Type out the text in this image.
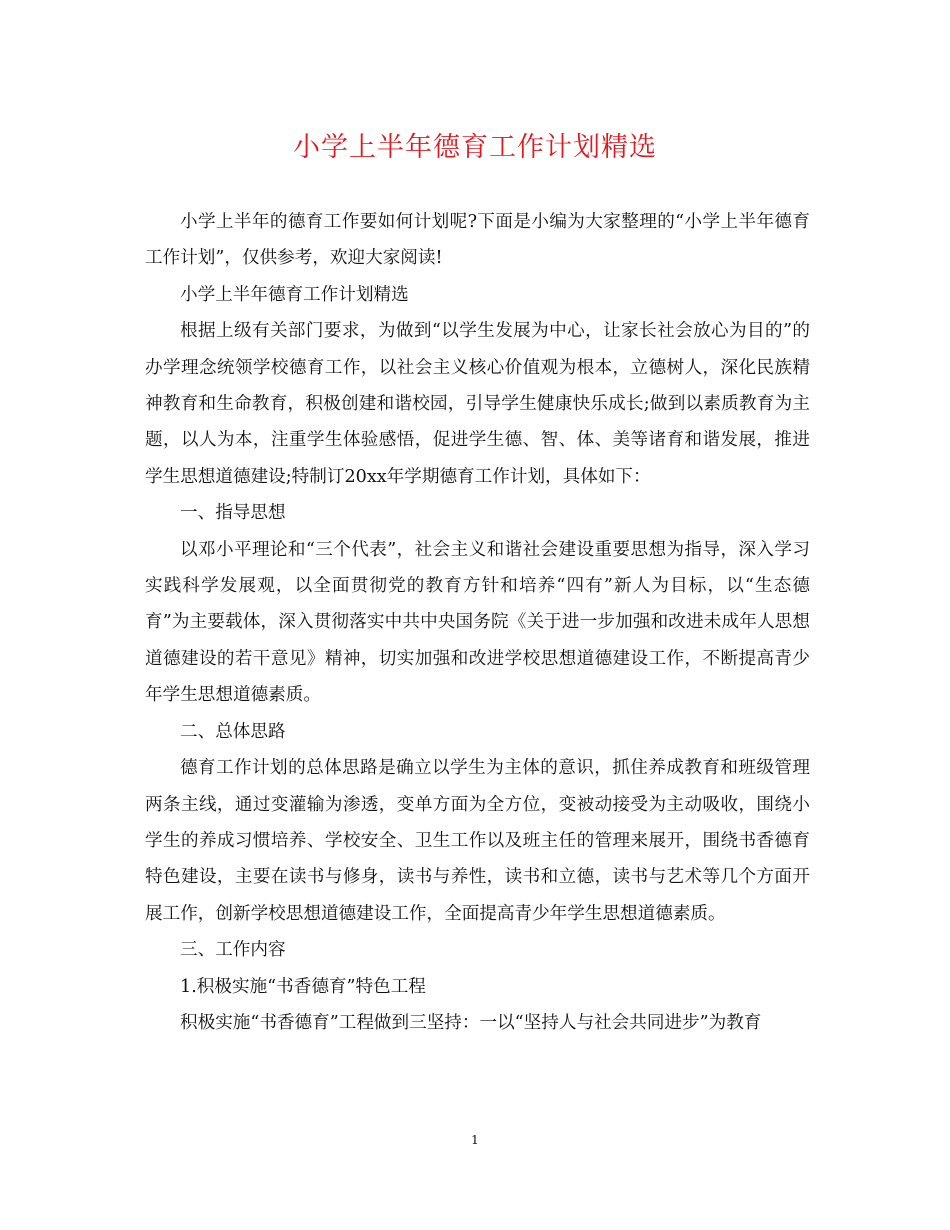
小学上半年德育工作计划精选

小学上半年的德育工作要如何计划呢?下面是小编为大家整理的“小学上半年德育工作计划”，仅供参考，欢迎大家阅读!

小学上半年德育工作计划精选

根据上级有关部门要求，为做到“以学生发展为中心，让家长社会放心为目的”的办学理念统领学校德育工作，以社会主义核心价值观为根本，立德树人，深化民族精神教育和生命教育，积极创建和谐校园，引导学生健康快乐成长;做到以素质教育为主题，以人为本，注重学生体验感悟，促进学生德、智、体、美等诸育和谐发展，推进学生思想道德建设;特制订20xx年学期德育工作计划，具体如下：

一、指导思想

以邓小平理论和“三个代表”，社会主义和谐社会建设重要思想为指导，深入学习实践科学发展观，以全面贯彻党的教育方针和培养“四有”新人为目标，以“生态德育”为主要载体，深入贯彻落实中共中央国务院《关于进一步加强和改进未成年人思想道德建设的若干意见》精神，切实加强和改进学校思想道德建设工作，不断提高青少年学生思想道德素质。

二、总体思路

德育工作计划的总体思路是确立以学生为主体的意识，抓住养成教育和班级管理两条主线，通过变灌输为渗透，变单方面为全方位，变被动接受为主动吸收，围绕小学生的养成习惯培养、学校安全、卫生工作以及班主任的管理来展开，围绕书香德育特色建设，主要在读书与修身，读书与养性，读书和立德，读书与艺术等几个方面开展工作，创新学校思想道德建设工作，全面提高青少年学生思想道德素质。

三、工作内容

1.积极实施“书香德育”特色工程

积极实施“书香德育”工程做到三坚持：一以“坚持人与社会共同进步”为教育

1
